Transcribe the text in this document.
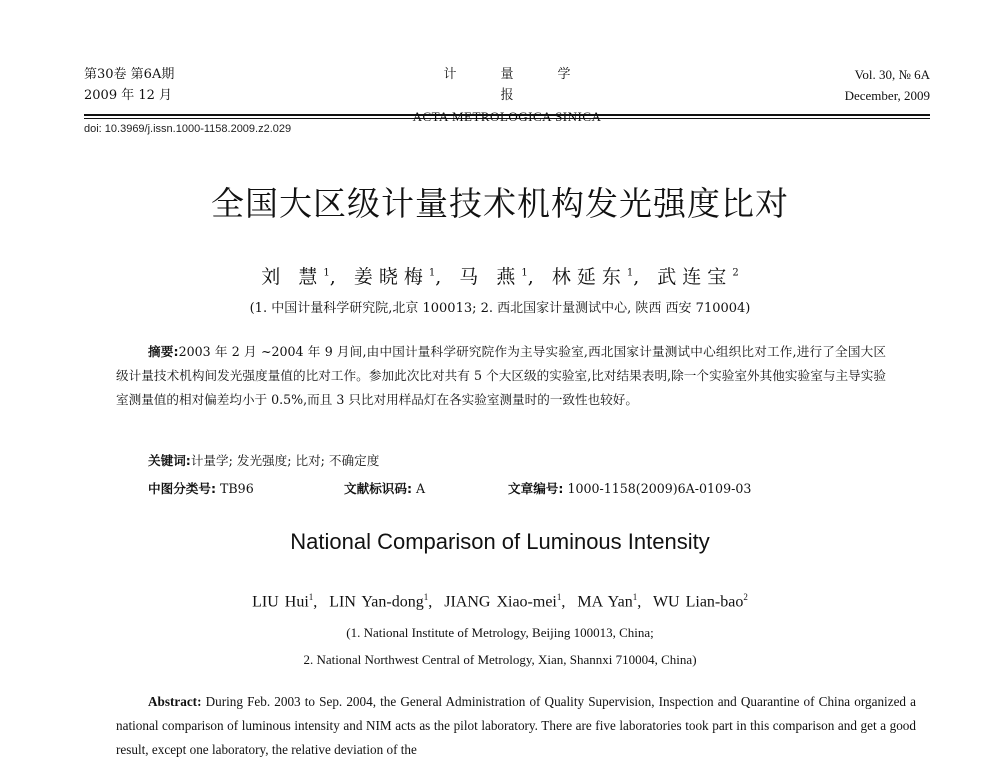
第30卷 第6A期
2009 年 12 月
计量学报
ACTA METROLOGICA SINICA
Vol. 30, № 6A
December, 2009
doi: 10.3969/j.issn.1000-1158.2009.z2.029
全国大区级计量技术机构发光强度比对
刘 慧$^1$, 姜晓梅$^1$, 马 燕$^1$, 林延东$^1$, 武连宝$^2$
(1. 中国计量科学研究院,北京 100013; 2. 西北国家计量测试中心, 陕西 西安 710004)
摘要:2003 年 2 月 ~2004 年 9 月间,由中国计量科学研究院作为主导实验室,西北国家计量测试中心组织比对工作,进行了全国大区级计量技术机构间发光强度量值的比对工作。参加此次比对共有 5 个大区级的实验室,比对结果表明,除一个实验室外其他实验室与主导实验室测量值的相对偏差均小于 0.5%,而且 3 只比对用样品灯在各实验室测量时的一致性也较好。
关键词:计量学; 发光强度; 比对; 不确定度
中图分类号: TB96	文献标识码: A	文章编号: 1000-1158(2009)6A-0109-03
National Comparison of Luminous Intensity
LIU Hui$^1$,  LIN Yan-dong$^1$,  JIANG Xiao-mei$^1$,  MA Yan$^1$,  WU Lian-bao$^2$
(1. National Institute of Metrology, Beijing 100013, China;
2. National Northwest Central of Metrology, Xian, Shannxi 710004, China)
Abstract: During Feb. 2003 to Sep. 2004, the General Administration of Quality Supervision, Inspection and Quarantine of China organized a national comparison of luminous intensity and NIM acts as the pilot laboratory. There are five laboratories took part in this comparison and get a good result, except one laboratory, the relative deviation of the
